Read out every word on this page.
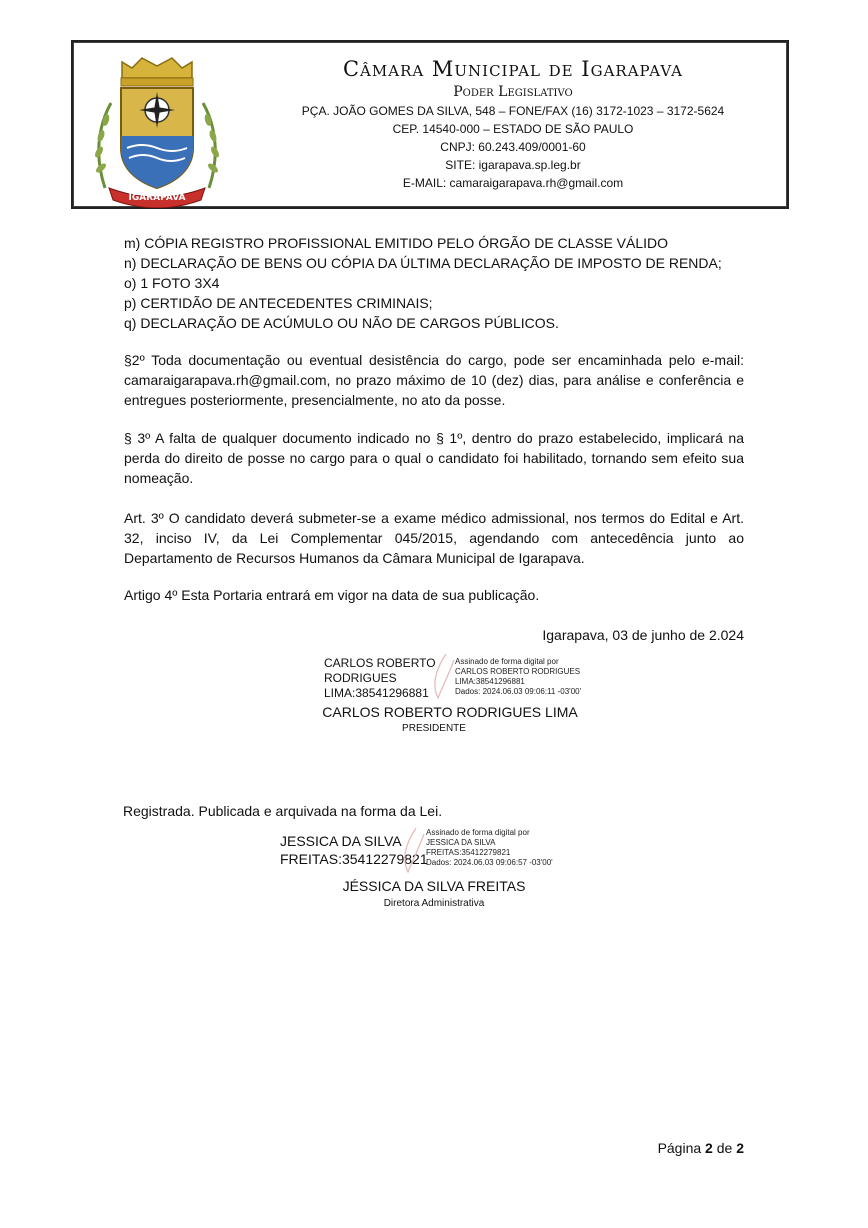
IGARAPAVA
Câmara Municipal de Igarapava
Poder Legislativo
PÇA. JOÃO GOMES DA SILVA, 548 – FONE/FAX (16) 3172-1023 – 3172-5624
CEP. 14540-000 – ESTADO DE SÃO PAULO
CNPJ: 60.243.409/0001-60
SITE: igarapava.sp.leg.br
E-MAIL: camaraigarapava.rh@gmail.com
m) CÓPIA REGISTRO PROFISSIONAL EMITIDO PELO ÓRGÃO DE CLASSE VÁLIDO
n) DECLARAÇÃO DE BENS OU CÓPIA DA ÚLTIMA DECLARAÇÃO DE IMPOSTO DE RENDA;
o) 1 FOTO 3X4
p) CERTIDÃO DE ANTECEDENTES CRIMINAIS;
q) DECLARAÇÃO DE ACÚMULO OU NÃO DE CARGOS PÚBLICOS.
§2º Toda documentação ou eventual desistência do cargo, pode ser encaminhada pelo e-mail: camaraigarapava.rh@gmail.com, no prazo máximo de 10 (dez) dias, para análise e conferência e entregues posteriormente, presencialmente, no ato da posse.
§ 3º A falta de qualquer documento indicado no § 1º, dentro do prazo estabelecido, implicará na perda do direito de posse no cargo para o qual o candidato foi habilitado, tornando sem efeito sua nomeação.
Art. 3º O candidato deverá submeter-se a exame médico admissional, nos termos do Edital e Art. 32, inciso IV, da Lei Complementar 045/2015, agendando com antecedência junto ao Departamento de Recursos Humanos da Câmara Municipal de Igarapava.
Artigo 4º Esta Portaria entrará em vigor na data de sua publicação.
Igarapava, 03 de junho de 2.024
CARLOS ROBERTO
RODRIGUES
LIMA:38541296881
Assinado de forma digital por
CARLOS ROBERTO RODRIGUES
LIMA:38541296881
Dados: 2024.06.03 09:06:11 -03'00'
CARLOS ROBERTO RODRIGUES LIMA
PRESIDENTE
Registrada. Publicada e arquivada na forma da Lei.
JESSICA DA SILVA
FREITAS:35412279821
Assinado de forma digital por
JESSICA DA SILVA
FREITAS:35412279821
Dados: 2024.06.03 09:06:57 -03'00'
JÉSSICA DA SILVA FREITAS
Diretora Administrativa
Página 2 de 2
